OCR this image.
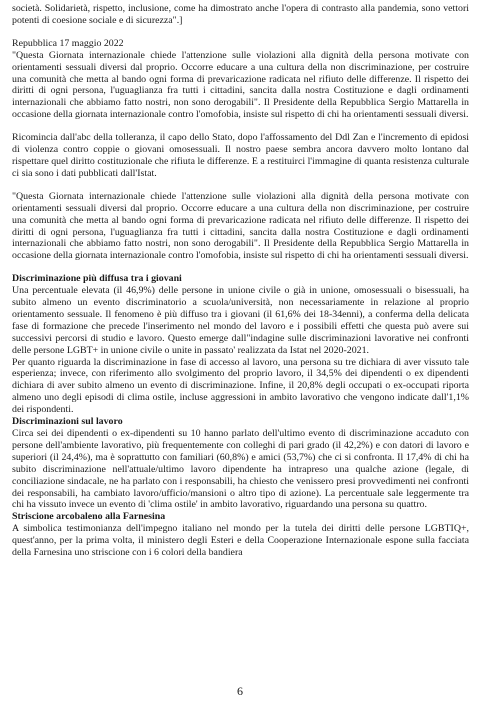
società. Solidarietà, rispetto, inclusione, come ha dimostrato anche l'opera di contrasto alla pandemia, sono vettori potenti di coesione sociale e di sicurezza".]

Repubblica 17 maggio 2022

"Questa Giornata internazionale chiede l'attenzione sulle violazioni alla dignità della persona motivate con orientamenti sessuali diversi dal proprio. Occorre educare a una cultura della non discriminazione, per costruire una comunità che metta al bando ogni forma di prevaricazione radicata nel rifiuto delle differenze. Il rispetto dei diritti di ogni persona, l'uguaglianza fra tutti i cittadini, sancita dalla nostra Costituzione e dagli ordinamenti internazionali che abbiamo fatto nostri, non sono derogabili". Il Presidente della Repubblica Sergio Mattarella in occasione della giornata internazionale contro l'omofobia, insiste sul rispetto di chi ha orientamenti sessuali diversi.

Ricomincia dall'abc della tolleranza, il capo dello Stato, dopo l'affossamento del Ddl Zan e l'incremento di epidosi di violenza contro coppie o giovani omosessuali. Il nostro paese sembra ancora davvero molto lontano dal rispettare quel diritto costituzionale che rifiuta le differenze. E a restituirci l'immagine di quanta resistenza culturale ci sia sono i dati pubblicati dall'Istat.

"Questa Giornata internazionale chiede l'attenzione sulle violazioni alla dignità della persona motivate con orientamenti sessuali diversi dal proprio. Occorre educare a una cultura della non discriminazione, per costruire una comunità che metta al bando ogni forma di prevaricazione radicata nel rifiuto delle differenze. Il rispetto dei diritti di ogni persona, l'uguaglianza fra tutti i cittadini, sancita dalla nostra Costituzione e dagli ordinamenti internazionali che abbiamo fatto nostri, non sono derogabili". Il Presidente della Repubblica Sergio Mattarella in occasione della giornata internazionale contro l'omofobia, insiste sul rispetto di chi ha orientamenti sessuali diversi.

Discriminazione più diffusa tra i giovani

Una percentuale elevata (il 46,9%) delle persone in unione civile o già in unione, omosessuali o bisessuali, ha subito almeno un evento discriminatorio a scuola/università, non necessariamente in relazione al proprio orientamento sessuale. Il fenomeno è più diffuso tra i giovani (il 61,6% dei 18-34enni), a conferma della delicata fase di formazione che precede l'inserimento nel mondo del lavoro e i possibili effetti che questa può avere sui successivi percorsi di studio e lavoro. Questo emerge dall"indagine sulle discriminazioni lavorative nei confronti delle persone LGBT+ in unione civile o unite in passato' realizzata da Istat nel 2020-2021.

Per quanto riguarda la discriminazione in fase di accesso al lavoro, una persona su tre dichiara di aver vissuto tale esperienza; invece, con riferimento allo svolgimento del proprio lavoro, il 34,5% dei dipendenti o ex dipendenti dichiara di aver subito almeno un evento di discriminazione. Infine, il 20,8% degli occupati o ex-occupati riporta almeno uno degli episodi di clima ostile, incluse aggressioni in ambito lavorativo che vengono indicate dall'1,1% dei rispondenti.

Discriminazioni sul lavoro

Circa sei dei dipendenti o ex-dipendenti su 10 hanno parlato dell'ultimo evento di discriminazione accaduto con persone dell'ambiente lavorativo, più frequentemente con colleghi di pari grado (il 42,2%) e con datori di lavoro e superiori (il 24,4%), ma è soprattutto con familiari (60,8%) e amici (53,7%) che ci si confronta. Il 17,4% di chi ha subito discriminazione nell'attuale/ultimo lavoro dipendente ha intrapreso una qualche azione (legale, di conciliazione sindacale, ne ha parlato con i responsabili, ha chiesto che venissero presi provvedimenti nei confronti dei responsabili, ha cambiato lavoro/ufficio/mansioni o altro tipo di azione). La percentuale sale leggermente tra chi ha vissuto invece un evento di 'clima ostile' in ambito lavorativo, riguardando una persona su quattro.

Striscione arcobaleno alla Farnesina

A simbolica testimonianza dell'impegno italiano nel mondo per la tutela dei diritti delle persone LGBTIQ+, quest'anno, per la prima volta, il ministero degli Esteri e della Cooperazione Internazionale espone sulla facciata della Farnesina uno striscione con i 6 colori della bandiera

6
